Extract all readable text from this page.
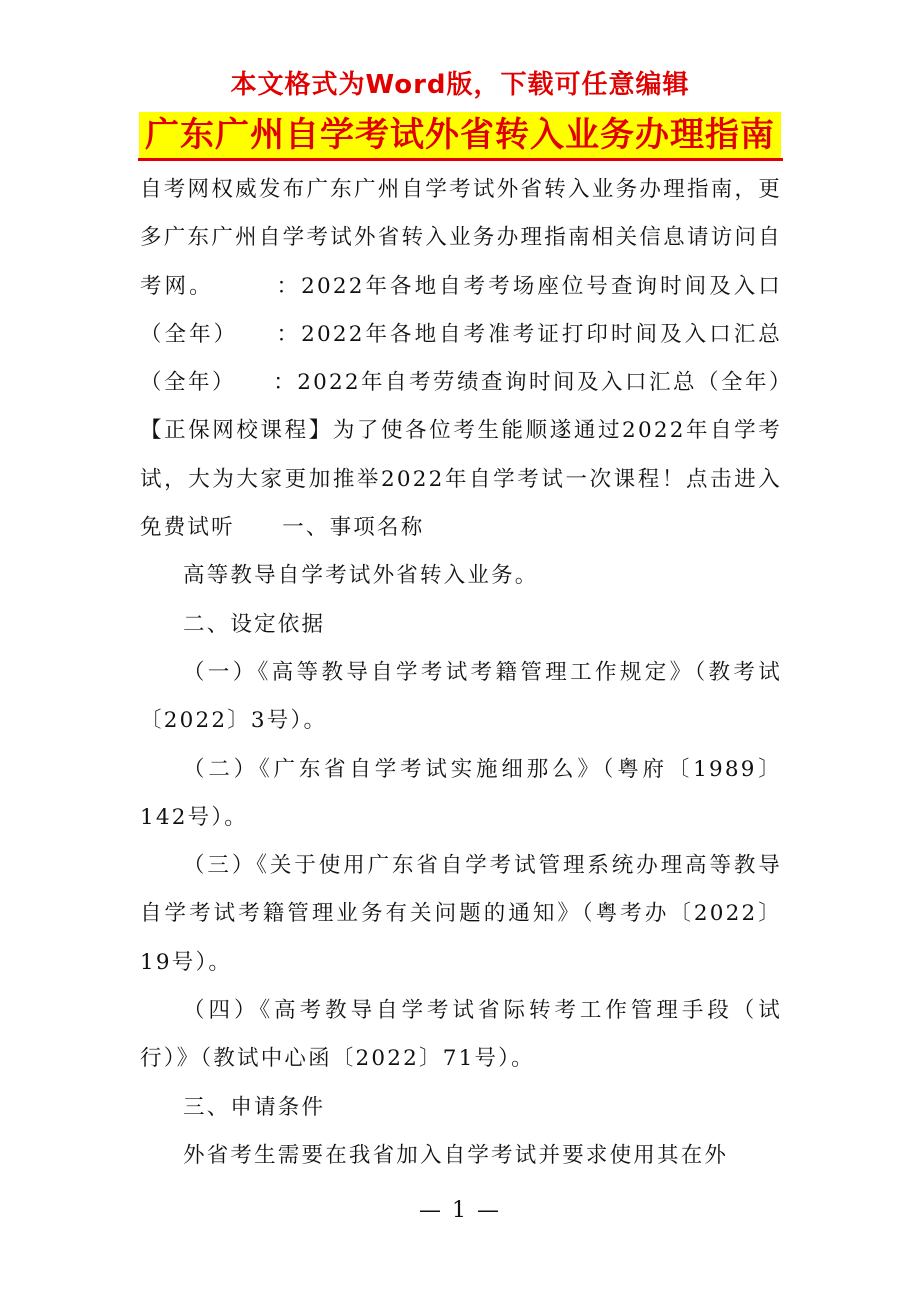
本文格式为Word版，下载可任意编辑
广东广州自学考试外省转入业务办理指南

自考网权威发布广东广州自学考试外省转入业务办理指南，更多广东广州自学考试外省转入业务办理指南相关信息请访问自考网。　　　：2022年各地自考考场座位号查询时间及入口（全年）　　：2022年各地自考准考证打印时间及入口汇总（全年）　　：2022年自考劳绩查询时间及入口汇总（全年）　　【正保网校课程】为了使各位考生能顺遂通过2022年自学考试，大为大家更加推举2022年自学考试一次课程！点击进入免费试听　　一、事项名称

高等教导自学考试外省转入业务。

二、设定依据

（一）《高等教导自学考试考籍管理工作规定》（教考试〔2022〕3号）。

（二）《广东省自学考试实施细那么》（粤府〔1989〕142号）。

（三）《关于使用广东省自学考试管理系统办理高等教导自学考试考籍管理业务有关问题的通知》（粤考办〔2022〕19号）。

（四）《高考教导自学考试省际转考工作管理手段（试行）》（教试中心函〔2022〕71号）。

三、申请条件

外省考生需要在我省加入自学考试并要求使用其在外

— 1 —
